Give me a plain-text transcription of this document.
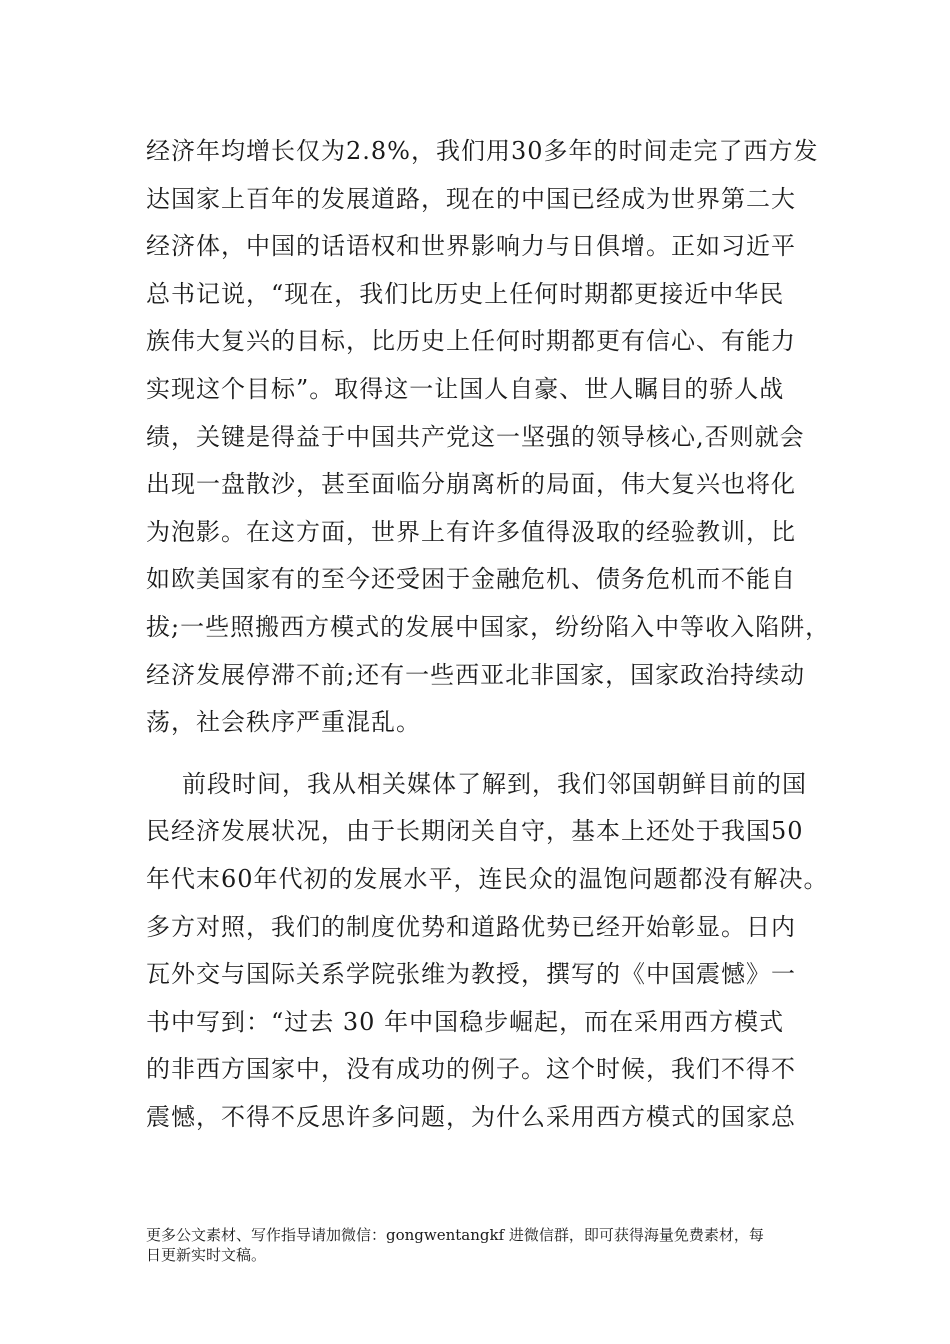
经济年均增长仅为2.8%，我们用30多年的时间走完了西方发
达国家上百年的发展道路，现在的中国已经成为世界第二大
经济体，中国的话语权和世界影响力与日俱增。正如习近平
总书记说，“现在，我们比历史上任何时期都更接近中华民
族伟大复兴的目标，比历史上任何时期都更有信心、有能力
实现这个目标”。取得这一让国人自豪、世人瞩目的骄人战
绩，关键是得益于中国共产党这一坚强的领导核心,否则就会
出现一盘散沙，甚至面临分崩离析的局面，伟大复兴也将化
为泡影。在这方面，世界上有许多值得汲取的经验教训，比
如欧美国家有的至今还受困于金融危机、债务危机而不能自
拔;一些照搬西方模式的发展中国家，纷纷陷入中等收入陷阱，
经济发展停滞不前;还有一些西亚北非国家，国家政治持续动
荡，社会秩序严重混乱。
前段时间，我从相关媒体了解到，我们邻国朝鲜目前的国
民经济发展状况，由于长期闭关自守，基本上还处于我国50
年代末60年代初的发展水平，连民众的温饱问题都没有解决。
多方对照，我们的制度优势和道路优势已经开始彰显。日内
瓦外交与国际关系学院张维为教授，撰写的《中国震憾》一
书中写到：“过去 30 年中国稳步崛起，而在采用西方模式
的非西方国家中，没有成功的例子。这个时候，我们不得不
震憾，不得不反思许多问题，为什么采用西方模式的国家总
更多公文素材、写作指导请加微信：gongwentangkf 进微信群，即可获得海量免费素材，每
日更新实时文稿。
